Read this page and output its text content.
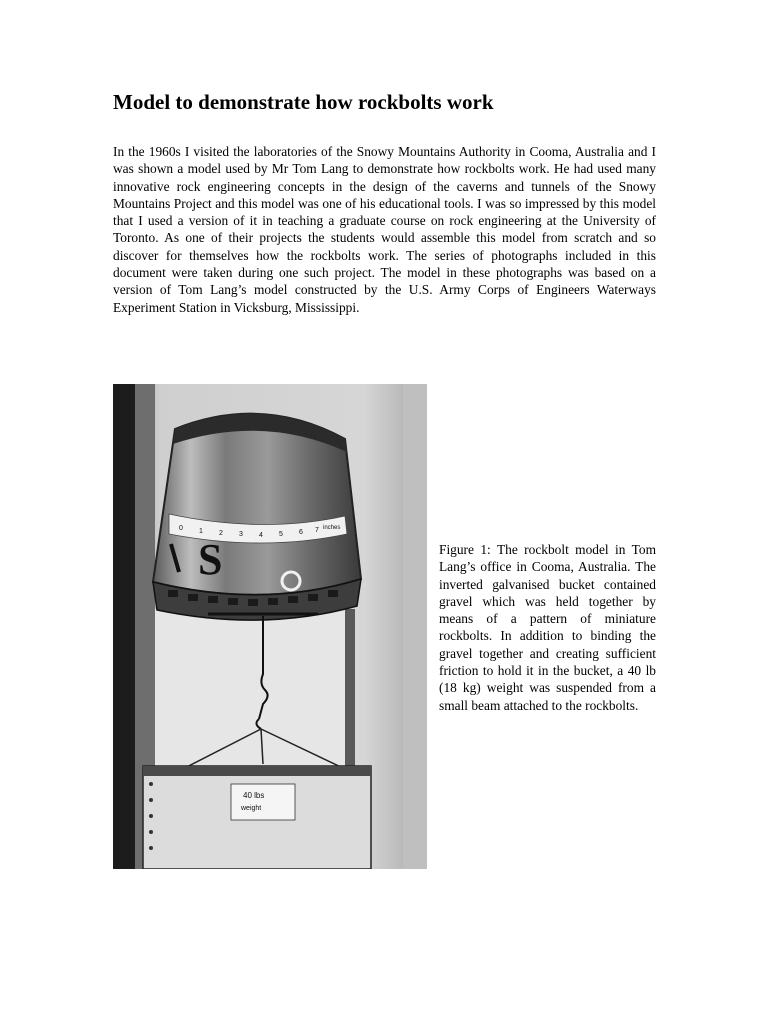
Model to demonstrate how rockbolts work

In the 1960s I visited the laboratories of the Snowy Mountains Authority in Cooma, Australia and I was shown a model used by Mr Tom Lang to demonstrate how rockbolts work. He had used many innovative rock engineering concepts in the design of the caverns and tunnels of the Snowy Mountains Project and this model was one of his educational tools. I was so impressed by this model that I used a version of it in teaching a graduate course on rock engineering at the University of Toronto. As one of their projects the students would assemble this model from scratch and so discover for themselves how the rockbolts work. The series of photographs included in this document were taken during one such project. The model in these photographs was based on a version of Tom Lang’s model constructed by the U.S. Army Corps of Engineers Waterways Experiment Station in Vicksburg, Mississippi.

0 1 2 3 4 5 6 7 inches
S
40 lbs
weight

Figure 1: The rockbolt model in Tom Lang’s office in Cooma, Australia. The inverted galvanised bucket contained gravel which was held together by means of a pattern of miniature rockbolts. In addition to binding the gravel together and creating sufficient friction to hold it in the bucket, a 40 lb (18 kg) weight was suspended from a small beam attached to the rockbolts.
